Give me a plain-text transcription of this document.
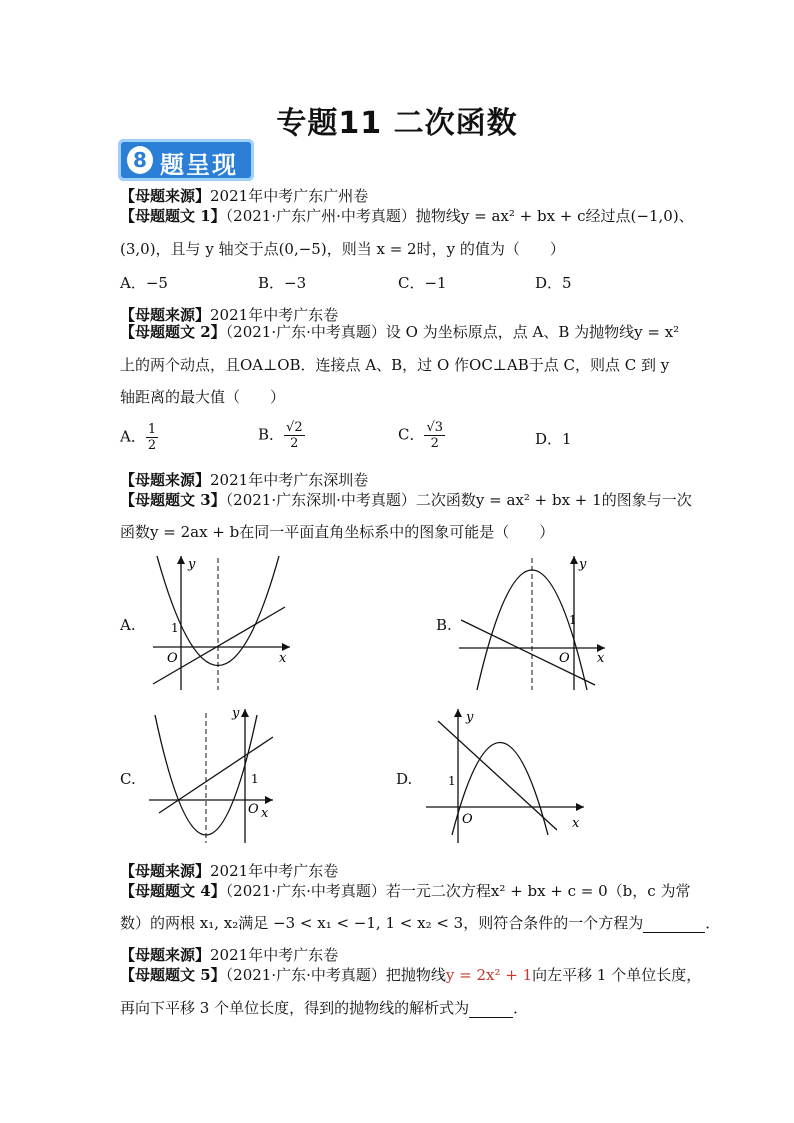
专题11 二次函数
8 题呈现
【母题来源】2021年中考广东广州卷
【母题题文 1】（2021·广东广州·中考真题）抛物线y = ax² + bx + c经过点(−1,0)、
(3,0)，且与 y 轴交于点(0,−5)，则当 x = 2时，y 的值为（　　）
A．−5	B．−3	C．−1	D．5
【母题来源】2021年中考广东卷
【母题题文 2】（2021·广东·中考真题）设 O 为坐标原点，点 A、B 为抛物线y = x²
上的两个动点，且OA⊥OB．连接点 A、B，过 O 作OC⊥AB于点 C，则点 C 到 y
轴距离的最大值（　　）
A． $\frac{1}{2}$	B． $\frac{√2}{2}$	C． $\frac{√3}{2}$	D．1
【母题来源】2021年中考广东深圳卷
【母题题文 3】（2021·广东深圳·中考真题）二次函数y = ax² + bx + 1的图象与一次
函数y = 2ax + b在同一平面直角坐标系中的图象可能是（　　）
A.
y
x
O
1	B.
y
x
O
1
C.
y
x
O
1	D.
y
x
O
1
【母题来源】2021年中考广东卷
【母题题文 4】（2021·广东·中考真题）若一元二次方程x² + bx + c = 0（b，c 为常
数）的两根 x₁, x₂满足 −3 < x₁ < −1, 1 < x₂ < 3，则符合条件的一个方程为	．
【母题来源】2021年中考广东卷
【母题题文 5】（2021·广东·中考真题）把抛物线y = 2x² + 1向左平移 1 个单位长度，
再向下平移 3 个单位长度，得到的抛物线的解析式为	．
